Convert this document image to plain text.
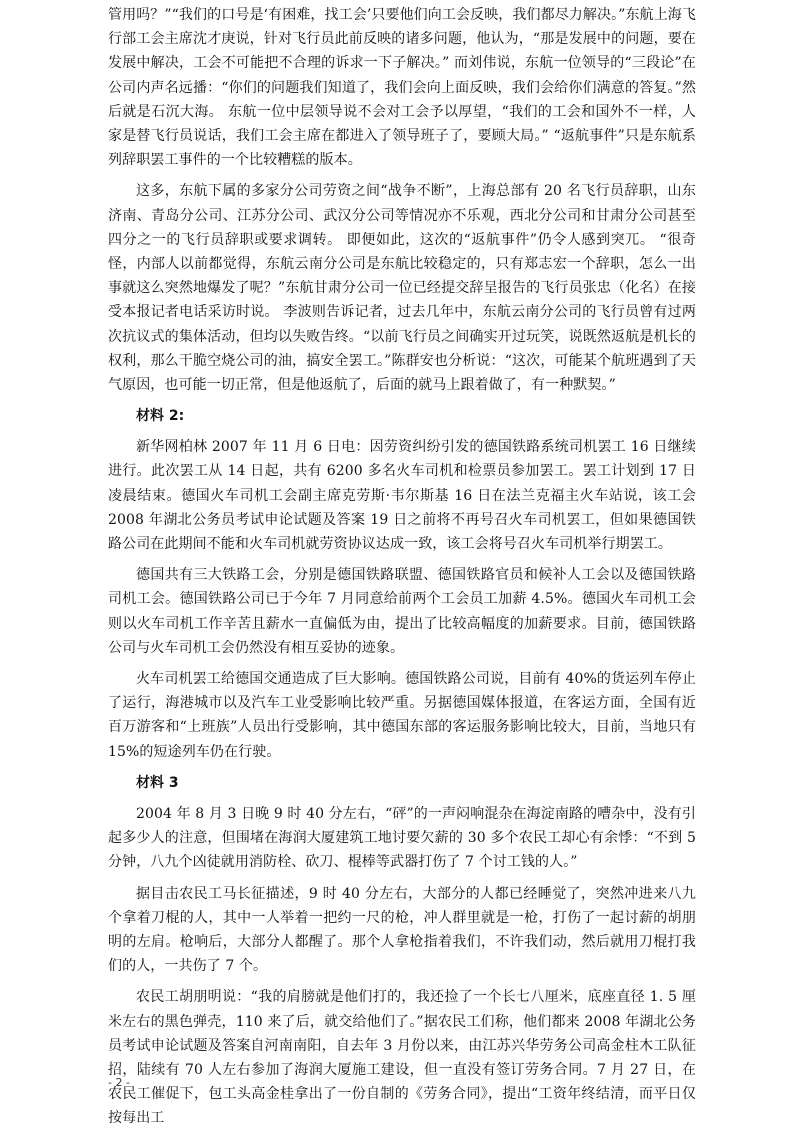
管用吗？”“我们的口号是‘有困难，找工会’只要他们向工会反映，我们都尽力解决。”东航上海飞行部工会主席沈才庚说，针对飞行员此前反映的诸多问题，他认为，“那是发展中的问题，要在发展中解决，工会不可能把不合理的诉求一下子解决。” 而刘伟说，东航一位领导的“三段论”在公司内声名远播：“你们的问题我们知道了，我们会向上面反映，我们会给你们满意的答复。”然后就是石沉大海。 东航一位中层领导说不会对工会予以厚望，“我们的工会和国外不一样，人家是替飞行员说话，我们工会主席在都进入了领导班子了，要顾大局。” “返航事件”只是东航系列辞职罢工事件的一个比较糟糕的版本。

这多，东航下属的多家分公司劳资之间“战争不断”，上海总部有 20 名飞行员辞职，山东济南、青岛分公司、江苏分公司、武汉分公司等情况亦不乐观，西北分公司和甘肃分公司甚至四分之一的飞行员辞职或要求调转。 即便如此，这次的“返航事件”仍令人感到突兀。 “很奇怪，内部人以前都觉得，东航云南分公司是东航比较稳定的，只有郑志宏一个辞职，怎么一出事就这么突然地爆发了呢？”东航甘肃分公司一位已经提交辞呈报告的飞行员张忠（化名）在接受本报记者电话采访时说。 李波则告诉记者，过去几年中，东航云南分公司的飞行员曾有过两次抗议式的集体活动，但均以失败告终。“以前飞行员之间确实开过玩笑，说既然返航是机长的权利，那么干脆空烧公司的油，搞安全罢工。”陈群安也分析说：“这次，可能某个航班遇到了天气原因，也可能一切正常，但是他返航了，后面的就马上跟着做了，有一种默契。”

材料 2:

新华网柏林 2007 年 11 月 6 日电：因劳资纠纷引发的德国铁路系统司机罢工 16 日继续进行。此次罢工从 14 日起，共有 6200 多名火车司机和检票员参加罢工。罢工计划到 17 日凌晨结束。德国火车司机工会副主席克劳斯·韦尔斯基 16 日在法兰克福主火车站说，该工会 2008 年湖北公务员考试申论试题及答案 19 日之前将不再号召火车司机罢工，但如果德国铁路公司在此期间不能和火车司机就劳资协议达成一致，该工会将号召火车司机举行期罢工。

德国共有三大铁路工会，分别是德国铁路联盟、德国铁路官员和候补人工会以及德国铁路司机工会。德国铁路公司已于今年 7 月同意给前两个工会员工加薪 4.5%。德国火车司机工会则以火车司机工作辛苦且薪水一直偏低为由，提出了比较高幅度的加薪要求。目前，德国铁路公司与火车司机工会仍然没有相互妥协的迹象。

火车司机罢工给德国交通造成了巨大影响。德国铁路公司说，目前有 40%的货运列车停止了运行，海港城市以及汽车工业受影响比较严重。另据德国媒体报道，在客运方面，全国有近百万游客和“上班族”人员出行受影响，其中德国东部的客运服务影响比较大，目前，当地只有 15%的短途列车仍在行驶。

材料 3

2004 年 8 月 3 日晚 9 时 40 分左右，“砰”的一声闷响混杂在海淀南路的嘈杂中，没有引起多少人的注意，但围堵在海润大厦建筑工地讨要欠薪的 30 多个农民工却心有余悸：“不到 5 分钟，八九个凶徒就用消防栓、砍刀、棍棒等武器打伤了 7 个讨工钱的人。”

据目击农民工马长征描述，9 时 40 分左右，大部分的人都已经睡觉了，突然冲进来八九个拿着刀棍的人，其中一人举着一把约一尺的枪，冲人群里就是一枪，打伤了一起讨薪的胡朋明的左肩。枪响后，大部分人都醒了。那个人拿枪指着我们，不许我们动，然后就用刀棍打我们的人，一共伤了 7 个。

农民工胡朋明说：“我的肩膀就是他们打的，我还捡了一个长七八厘米，底座直径 1. 5 厘米左右的黑色弹壳，110 来了后，就交给他们了。”据农民工们称，他们都来 2008 年湖北公务员考试申论试题及答案自河南南阳，自去年 3 月份以来，由江苏兴华劳务公司高金柱木工队征招，陆续有 70 人左右参加了海润大厦施工建设，但一直没有签订劳务合同。7 月 27 日，在农民工催促下，包工头高金桂拿出了一份自制的《劳务合同》，提出“工资年终结清，而平日仅按每出工

- 2 -
